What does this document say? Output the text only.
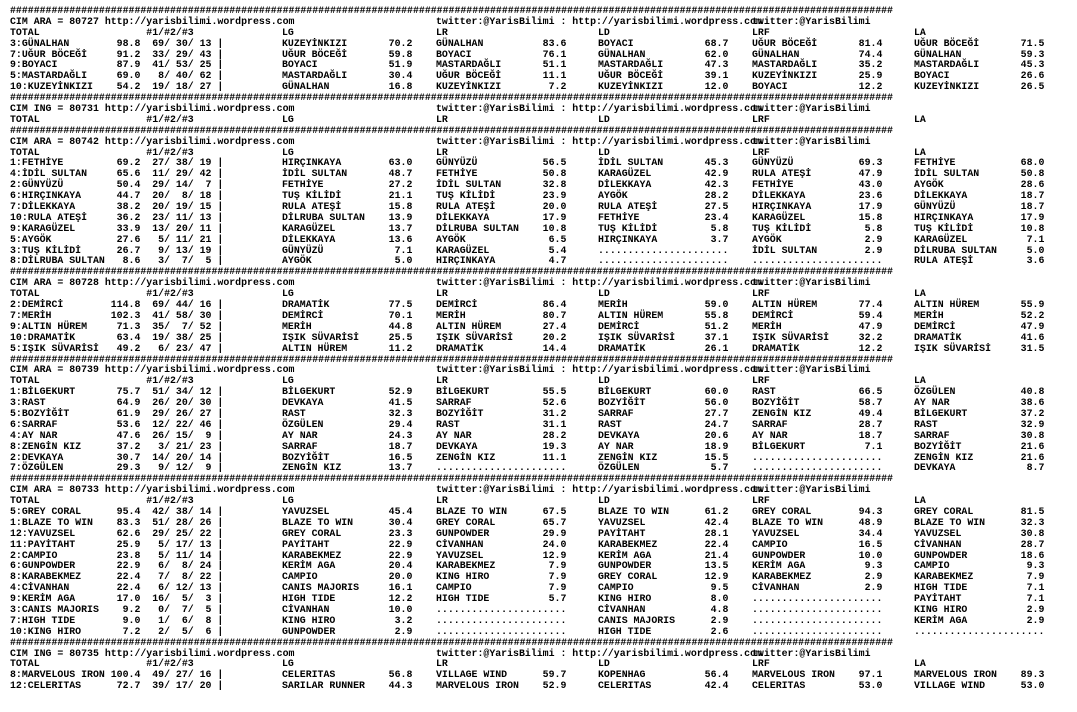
#####################################################################################################################################################
CIM ARA = 80727 http://yarisbilimi.wordpress.com	twitter:@YarisBilimi : http://yarisbilimi.wordpress.com
twitter:@YarisBilimi
TOTAL                  #1/#2/#3	LG	LR	LD	LRF	LA
3:GÜNALHAN        98.8  69/ 30/ 13 |	KUZEYİNKIZI       70.2 GÜNALHAN          83.6	BOYACI            68.7 UĞUR BÖCEĞİ       81.4	UĞUR BÖCEĞİ       71.5
7:UĞUR BÖCEĞİ     91.2  33/ 29/ 43 |	UĞUR BÖCEĞİ       59.8 BOYACI            76.1	GÜNALHAN          62.0 GÜNALHAN          74.4	GÜNALHAN          59.3
9:BOYACI          87.9  41/ 53/ 25 |	BOYACI            51.9 MASTARDAĞLI       51.1	MASTARDAĞLI       47.3 MASTARDAĞLI       35.2	MASTARDAĞLI       45.3
5:MASTARDAĞLI     69.0   8/ 40/ 62 |	MASTARDAĞLI       30.4 UĞUR BÖCEĞİ       11.1	UĞUR BÖCEĞİ       39.1 KUZEYİNKIZI       25.9	BOYACI            26.6
10:KUZEYİNKIZI    54.2  19/ 18/ 27 |	GÜNALHAN          16.8 KUZEYİNKIZI        7.2	KUZEYİNKIZI       12.0 BOYACI            12.2	KUZEYİNKIZI       26.5
#####################################################################################################################################################
CIM ING = 80731 http://yarisbilimi.wordpress.com	twitter:@YarisBilimi : http://yarisbilimi.wordpress.com
twitter:@YarisBilimi
TOTAL                  #1/#2/#3	LG	LR	LD	LRF	LA
#####################################################################################################################################################
CIM ARA = 80742 http://yarisbilimi.wordpress.com	twitter:@YarisBilimi : http://yarisbilimi.wordpress.com
twitter:@YarisBilimi
TOTAL                  #1/#2/#3	LG	LR	LD	LRF	LA
1:FETHİYE         69.2  27/ 38/ 19 |	HIRÇINKAYA        63.0 GÜNYÜZÜ           56.5	İDİL SULTAN       45.3 GÜNYÜZÜ           69.3	FETHİYE           68.0
4:İDİL SULTAN     65.6  11/ 29/ 42 |	İDİL SULTAN       48.7 FETHİYE           50.8	KARAGÜZEL         42.9 RULA ATEŞİ        47.9	İDİL SULTAN       50.8
2:GÜNYÜZÜ         50.4  29/ 14/  7 |	FETHİYE           27.2 İDİL SULTAN       32.8	DİLEKKAYA         42.3 FETHİYE           43.0	AYGÖK             28.6
6:HIRÇINKAYA      44.7  20/  8/ 18 |	TUŞ KİLİDİ        21.1 TUŞ KİLİDİ        23.9	AYGÖK             28.2 DİLEKKAYA         23.6	DİLEKKAYA         18.7
7:DİLEKKAYA       38.2  20/ 19/ 15 |	RULA ATEŞİ        15.8 RULA ATEŞİ        20.0	RULA ATEŞİ        27.5 HIRÇINKAYA        17.9	GÜNYÜZÜ           18.7
10:RULA ATEŞİ     36.2  23/ 11/ 13 |	DİLRUBA SULTAN    13.9 DİLEKKAYA         17.9	FETHİYE           23.4 KARAGÜZEL         15.8	HIRÇINKAYA        17.9
9:KARAGÜZEL       33.9  13/ 20/ 11 |	KARAGÜZEL         13.7 DİLRUBA SULTAN    10.8	TUŞ KİLİDİ         5.8 TUŞ KİLİDİ         5.8	TUŞ KİLİDİ        10.8
5:AYGÖK           27.6   5/ 11/ 21 |	DİLEKKAYA         13.6 AYGÖK              6.5	HIRÇINKAYA         3.7 AYGÖK              2.9	KARAGÜZEL          7.1
3:TUŞ KİLİDİ      26.7   9/ 13/ 19 |	GÜNYÜZÜ            7.1 KARAGÜZEL          5.4	...................... İDİL SULTAN        2.9	DİLRUBA SULTAN     5.0
8:DİLRUBA SULTAN   8.6   3/  7/  5 |	AYGÖK              5.0 HIRÇINKAYA         4.7	...................... ......................	RULA ATEŞİ         3.6
#####################################################################################################################################################
CIM ARA = 80728 http://yarisbilimi.wordpress.com	twitter:@YarisBilimi : http://yarisbilimi.wordpress.com
twitter:@YarisBilimi
TOTAL                  #1/#2/#3	LG	LR	LD	LRF	LA
2:DEMİRCİ        114.8  69/ 44/ 16 |	DRAMATİK          77.5 DEMİRCİ           86.4	MERİH             59.0 ALTIN HÜREM       77.4	ALTIN HÜREM       55.9
7:MERİH          102.3  41/ 58/ 30 |	DEMİRCİ           70.1 MERİH             80.7	ALTIN HÜREM       55.8 DEMİRCİ           59.4	MERİH             52.2
9:ALTIN HÜREM     71.3  35/  7/ 52 |	MERİH             44.8 ALTIN HÜREM       27.4	DEMİRCİ           51.2 MERİH             47.9	DEMİRCİ           47.9
10:DRAMATİK       63.4  19/ 38/ 25 |	IŞIK SÜVARİSİ     25.5 IŞIK SÜVARİSİ     20.2	IŞIK SÜVARİSİ     37.1 IŞIK SÜVARİSİ     32.2	DRAMATİK          41.6
5:IŞIK SÜVARİSİ   49.2   6/ 23/ 47 |	ALTIN HÜREM       11.2 DRAMATİK          14.4	DRAMATİK          26.1 DRAMATİK          12.2	IŞIK SÜVARİSİ     31.5
#####################################################################################################################################################
CIM ARA = 80739 http://yarisbilimi.wordpress.com	twitter:@YarisBilimi : http://yarisbilimi.wordpress.com
twitter:@YarisBilimi
TOTAL                  #1/#2/#3	LG	LR	LD	LRF	LA
1:BİLGEKURT       75.7  51/ 34/ 12 |	BİLGEKURT         52.9 BİLGEKURT         55.5	BİLGEKURT         60.0 RAST              66.5	ÖZGÜLEN           40.8
3:RAST            64.9  26/ 20/ 30 |	DEVKAYA           41.5 SARRAF            52.6	BOZYİĞİT          56.0 BOZYİĞİT          58.7	AY NAR            38.6
5:BOZYİĞİT        61.9  29/ 26/ 27 |	RAST              32.3 BOZYİĞİT          31.2	SARRAF            27.7 ZENGİN KIZ        49.4	BİLGEKURT         37.2
6:SARRAF          53.6  12/ 22/ 46 |	ÖZGÜLEN           29.4 RAST              31.1	RAST              24.7 SARRAF            28.7	RAST              32.9
4:AY NAR          47.6  26/ 15/  9 |	AY NAR            24.3 AY NAR            28.2	DEVKAYA           20.6 AY NAR            18.7	SARRAF            30.8
8:ZENGİN KIZ      37.2   3/ 21/ 23 |	SARRAF            18.7 DEVKAYA           19.3	AY NAR            18.9 BİLGEKURT          7.1	BOZYİĞİT          21.6
2:DEVKAYA         30.7  14/ 20/ 14 |	BOZYİĞİT          16.5 ZENGİN KIZ        11.1	ZENGİN KIZ        15.5 ......................	ZENGİN KIZ        21.6
7:ÖZGÜLEN         29.3   9/ 12/  9 |	ZENGİN KIZ        13.7 ......................	ÖZGÜLEN            5.7 ......................	DEVKAYA            8.7
#####################################################################################################################################################
CIM ARA = 80733 http://yarisbilimi.wordpress.com	twitter:@YarisBilimi : http://yarisbilimi.wordpress.com
twitter:@YarisBilimi
TOTAL                  #1/#2/#3	LG	LR	LD	LRF	LA
5:GREY CORAL      95.4  42/ 38/ 14 |	YAVUZSEL          45.4 BLAZE TO WIN      67.5	BLAZE TO WIN      61.2 GREY CORAL        94.3	GREY CORAL        81.5
1:BLAZE TO WIN    83.3  51/ 28/ 26 |	BLAZE TO WIN      30.4 GREY CORAL        65.7	YAVUZSEL          42.4 BLAZE TO WIN      48.9	BLAZE TO WIN      32.3
12:YAVUZSEL       62.6  29/ 25/ 22 |	GREY CORAL        23.3 GUNPOWDER         29.9	PAYİTAHT          28.1 YAVUZSEL          34.4	YAVUZSEL          30.8
11:PAYİTAHT       25.9   5/ 17/ 13 |	PAYİTAHT          22.9 CİVANHAN          24.0	KARABEKMEZ        22.4 CAMPIO            16.5	CİVANHAN          28.7
2:CAMPIO          23.8   5/ 11/ 14 |	KARABEKMEZ        22.9 YAVUZSEL          12.9	KERİM AGA         21.4 GUNPOWDER         10.0	GUNPOWDER         18.6
6:GUNPOWDER       22.9   6/  8/ 24 |	KERİM AGA         20.4 KARABEKMEZ         7.9	GUNPOWDER         13.5 KERİM AGA          9.3	CAMPIO             9.3
8:KARABEKMEZ      22.4   7/  8/ 22 |	CAMPIO            20.0 KING HIRO          7.9	GREY CORAL        12.9 KARABEKMEZ         2.9	KARABEKMEZ         7.9
4:CİVANHAN        22.4   6/ 12/ 13 |	CANIS MAJORIS     16.1 CAMPIO             7.9	CAMPIO             9.5 CİVANHAN           2.9	HIGH TIDE          7.1
9:KERİM AGA       17.0  16/  5/  3 |	HIGH TIDE         12.2 HIGH TIDE          5.7	KING HIRO          8.0 ......................	PAYİTAHT           7.1
3:CANIS MAJORIS    9.2   0/  7/  5 |	CİVANHAN          10.0 ......................	CİVANHAN           4.8 ......................	KING HIRO          2.9
7:HIGH TIDE        9.0   1/  6/  8 |	KING HIRO          3.2 ......................	CANIS MAJORIS      2.9 ......................	KERİM AGA          2.9
10:KING HIRO       7.2   2/  5/  6 |	GUNPOWDER          2.9 ......................	HIGH TIDE          2.6 ......................	......................
#####################################################################################################################################################
CIM ING = 80735 http://yarisbilimi.wordpress.com	twitter:@YarisBilimi : http://yarisbilimi.wordpress.com
twitter:@YarisBilimi
TOTAL                  #1/#2/#3	LG	LR	LD	LRF	LA
8:MARVELOUS IRON 100.4  49/ 27/ 16 |	CELERITAS         56.8 VILLAGE WIND      59.7	KOPENHAG          56.4 MARVELOUS IRON    97.1	MARVELOUS IRON    89.3
12:CELERITAS      72.7  39/ 17/ 20 |	SARILAR RUNNER    44.3 MARVELOUS IRON    52.9	CELERITAS         42.4 CELERITAS         53.0	VILLAGE WIND      53.0
